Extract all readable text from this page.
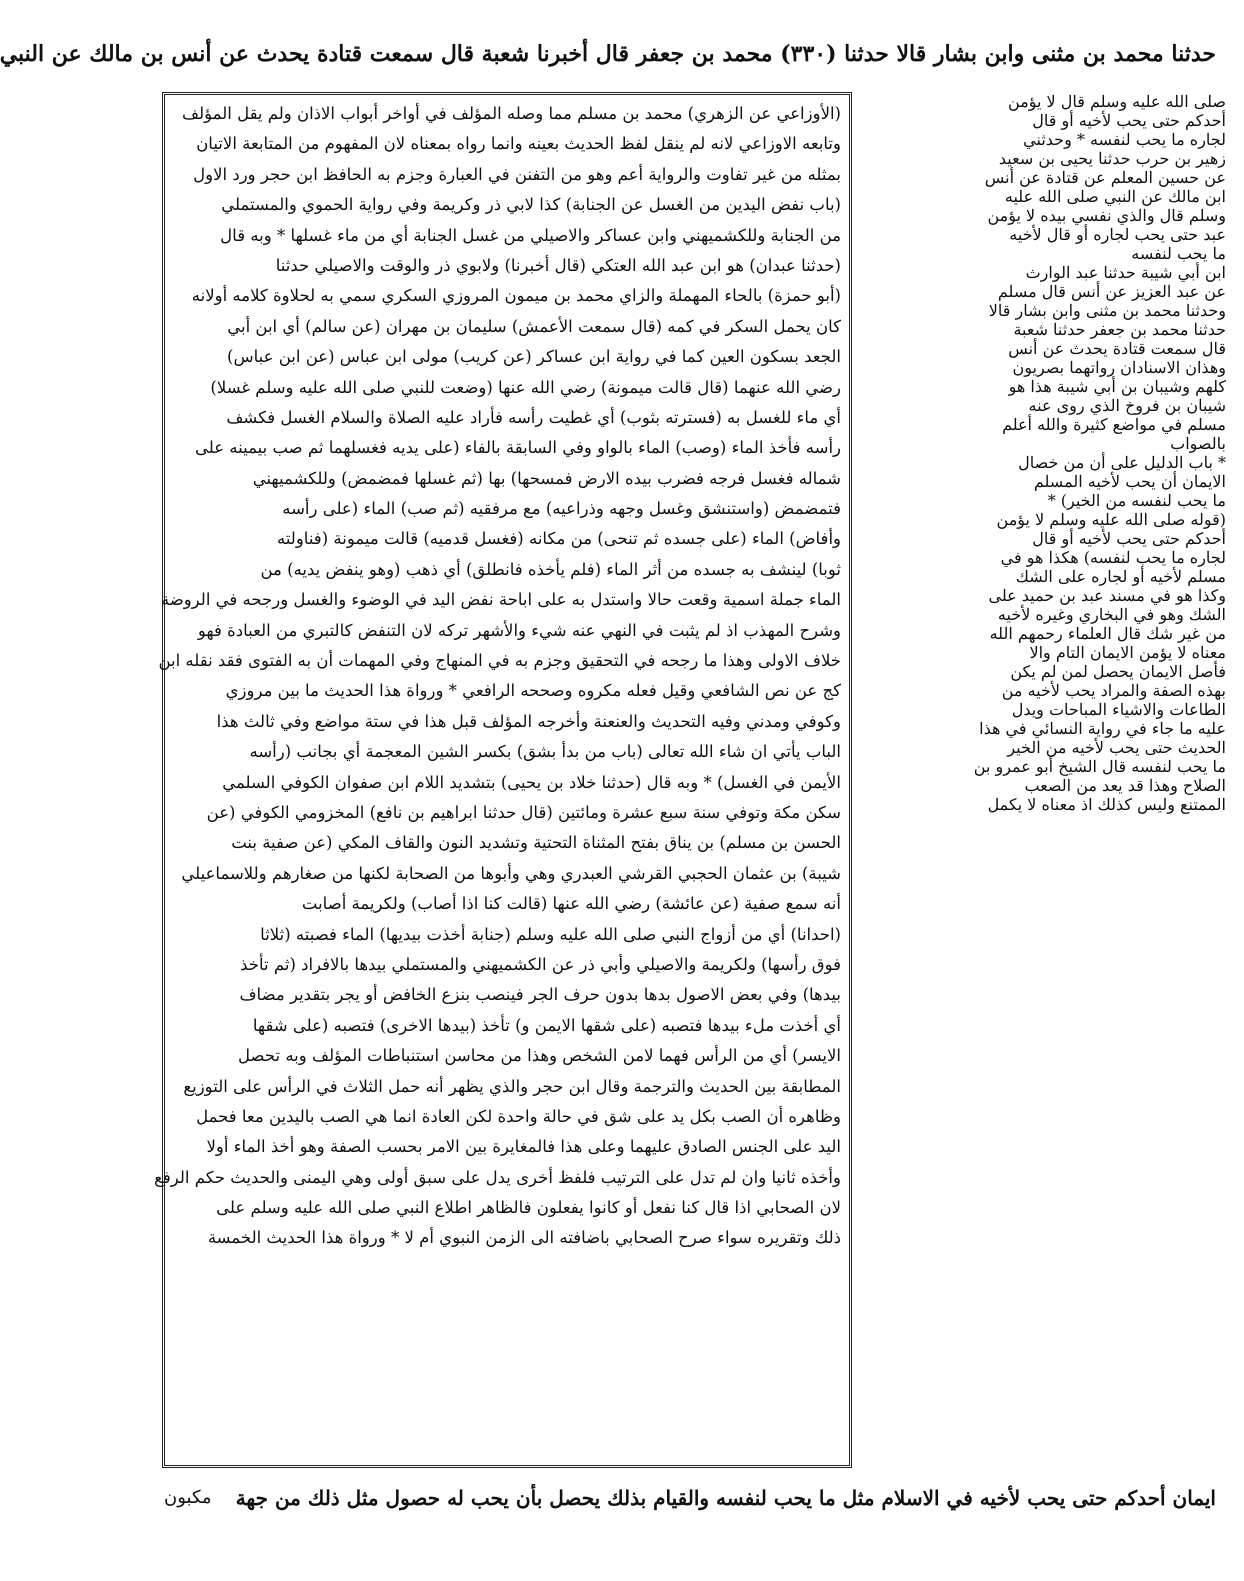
حدثنا محمد بن مثنى وابن بشار قالا حدثنا (٣٣٠) محمد بن جعفر قال أخبرنا شعبة قال سمعت قتادة يحدث عن أنس بن مالك عن النبي
(الأوزاعي عن الزهري) محمد بن مسلم مما وصله المؤلف في أواخر أبواب الاذان ولم يقل المؤلف
وتابعه الاوزاعي لانه لم ينقل لفظ الحديث بعينه وانما رواه بمعناه لان المفهوم من المتابعة الاتيان
بمثله من غير تفاوت والرواية أعم وهو من التفنن في العبارة وجزم به الحافظ ابن حجر ورد الاول
(باب نفض اليدين من الغسل عن الجنابة) كذا لابي ذر وكريمة وفي رواية الحموي والمستملي
من الجنابة وللكشميهني وابن عساكر والاصيلي من غسل الجنابة أي من ماء غسلها * وبه قال
(حدثنا عبدان) هو ابن عبد الله العتكي (قال أخبرنا) ولابوي ذر والوقت والاصيلي حدثنا
(أبو حمزة) بالحاء المهملة والزاي محمد بن ميمون المروزي السكري سمي به لحلاوة كلامه أولانه
كان يحمل السكر في كمه (قال سمعت الأعمش) سليمان بن مهران (عن سالم) أي ابن أبي
الجعد بسكون العين كما في رواية ابن عساكر (عن كريب) مولى ابن عباس (عن ابن عباس)
رضي الله عنهما (قال قالت ميمونة) رضي الله عنها (وضعت للنبي صلى الله عليه وسلم غسلا)
أي ماء للغسل به (فسترته بثوب) أي غطيت رأسه فأراد عليه الصلاة والسلام الغسل فكشف
رأسه فأخذ الماء (وصب) الماء بالواو وفي السابقة بالفاء (على يديه فغسلهما ثم صب بيمينه على
شماله فغسل فرجه فضرب بيده الارض فمسحها) بها (ثم غسلها فمضمض) وللكشميهني
فتمضمض (واستنشق وغسل وجهه وذراعيه) مع مرفقيه (ثم صب) الماء (على رأسه
وأفاض) الماء (على جسده ثم تنحى) من مكانه (فغسل قدميه) قالت ميمونة (فناولته
ثوبا) لينشف به جسده من أثر الماء (فلم يأخذه فانطلق) أي ذهب (وهو ينفض يديه) من
الماء جملة اسمية وقعت حالا واستدل به على اباحة نفض اليد في الوضوء والغسل ورجحه في الروضة
وشرح المهذب اذ لم يثبت في النهي عنه شيء والأشهر تركه لان التنفض كالتبري من العبادة فهو
خلاف الاولى وهذا ما رجحه في التحقيق وجزم به في المنهاج وفي المهمات أن به الفتوى فقد نقله ابن
كج عن نص الشافعي وقيل فعله مكروه وصححه الرافعي * ورواة هذا الحديث ما بين مروزي
وكوفي ومدني وفيه التحديث والعنعنة وأخرجه المؤلف قبل هذا في ستة مواضع وفي ثالث هذا
الباب يأتي ان شاء الله تعالى (باب من بدأ بشق) بكسر الشين المعجمة أي بجانب (رأسه
الأيمن في الغسل) * وبه قال (حدثنا خلاد بن يحيى) بتشديد اللام ابن صفوان الكوفي السلمي
سكن مكة وتوفي سنة سبع عشرة ومائتين (قال حدثنا ابراهيم بن نافع) المخزومي الكوفي (عن
الحسن بن مسلم) بن يناق بفتح المثناة التحتية وتشديد النون والقاف المكي (عن صفية بنت
شيبة) بن عثمان الحجبي القرشي العبدري وهي وأبوها من الصحابة لكنها من صغارهم وللاسماعيلي
أنه سمع صفية (عن عائشة) رضي الله عنها (قالت كنا اذا أصاب) ولكريمة أصابت
(احدانا) أي من أزواج النبي صلى الله عليه وسلم (جنابة أخذت بيديها) الماء فصبته (ثلاثا
فوق رأسها) ولكريمة والاصيلي وأبي ذر عن الكشميهني والمستملي بيدها بالافراد (ثم تأخذ
بيدها) وفي بعض الاصول بدها بدون حرف الجر فينصب بنزع الخافض أو يجر بتقدير مضاف
أي أخذت ملء بيدها فتصبه (على شقها الايمن و) تأخذ (بيدها الاخرى) فتصبه (على شقها
الايسر) أي من الرأس فهما لامن الشخص وهذا من محاسن استنباطات المؤلف وبه تحصل
المطابقة بين الحديث والترجمة وقال ابن حجر والذي يظهر أنه حمل الثلاث في الرأس على التوزيع
وظاهره أن الصب بكل يد على شق في حالة واحدة لكن العادة انما هي الصب باليدين معا فحمل
اليد على الجنس الصادق عليهما وعلى هذا فالمغايرة بين الامر بحسب الصفة وهو أخذ الماء أولا
وأخذه ثانيا وان لم تدل على الترتيب فلفظ أخرى يدل على سبق أولى وهي اليمنى والحديث حكم الرفع
لان الصحابي اذا قال كنا نفعل أو كانوا يفعلون فالظاهر اطلاع النبي صلى الله عليه وسلم على
ذلك وتقريره سواء صرح الصحابي باضافته الى الزمن النبوي أم لا * ورواة هذا الحديث الخمسة
صلى الله عليه وسلم قال لا يؤمن
أحدكم حتى يحب لأخيه أو قال
لجاره ما يحب لنفسه * وحدثني
زهير بن حرب حدثنا يحيى بن سعيد
عن حسين المعلم عن قتادة عن أنس
ابن مالك عن النبي صلى الله عليه
وسلم قال والذي نفسي بيده لا يؤمن
عبد حتى يحب لجاره أو قال لأخيه
ما يحب لنفسه
ابن أبي شيبة حدثنا عبد الوارث
عن عبد العزيز عن أنس قال مسلم
وحدثنا محمد بن مثنى وابن بشار قالا
حدثنا محمد بن جعفر حدثنا شعبة
قال سمعت قتادة يحدث عن أنس
وهذان الاسنادان رواتهما بصريون
كلهم وشيبان بن أبي شيبة هذا هو
شيبان بن فروخ الذي روى عنه
مسلم في مواضع كثيرة والله أعلم
بالصواب
* باب الدليل على أن من خصال
الايمان أن يحب لأخيه المسلم
ما يحب لنفسه من الخير) *
(قوله صلى الله عليه وسلم لا يؤمن
أحدكم حتى يحب لأخيه أو قال
لجاره ما يحب لنفسه) هكذا هو في
مسلم لأخيه أو لجاره على الشك
وكذا هو في مسند عبد بن حميد على
الشك وهو في البخاري وغيره لأخيه
من غير شك قال العلماء رحمهم الله
معناه لا يؤمن الايمان التام والا
فأصل الايمان يحصل لمن لم يكن
بهذه الصفة والمراد يحب لأخيه من
الطاعات والاشياء المباحات ويدل
عليه ما جاء في رواية النسائي في هذا
الحديث حتى يحب لأخيه من الخير
ما يحب لنفسه قال الشيخ أبو عمرو بن
الصلاح وهذا قد يعد من الصعب
الممتنع وليس كذلك اذ معناه لا يكمل
ايمان أحدكم حتى يحب لأخيه في الاسلام مثل ما يحب لنفسه والقيام بذلك يحصل بأن يحب له حصول مثل ذلك من جهة
مكبون
